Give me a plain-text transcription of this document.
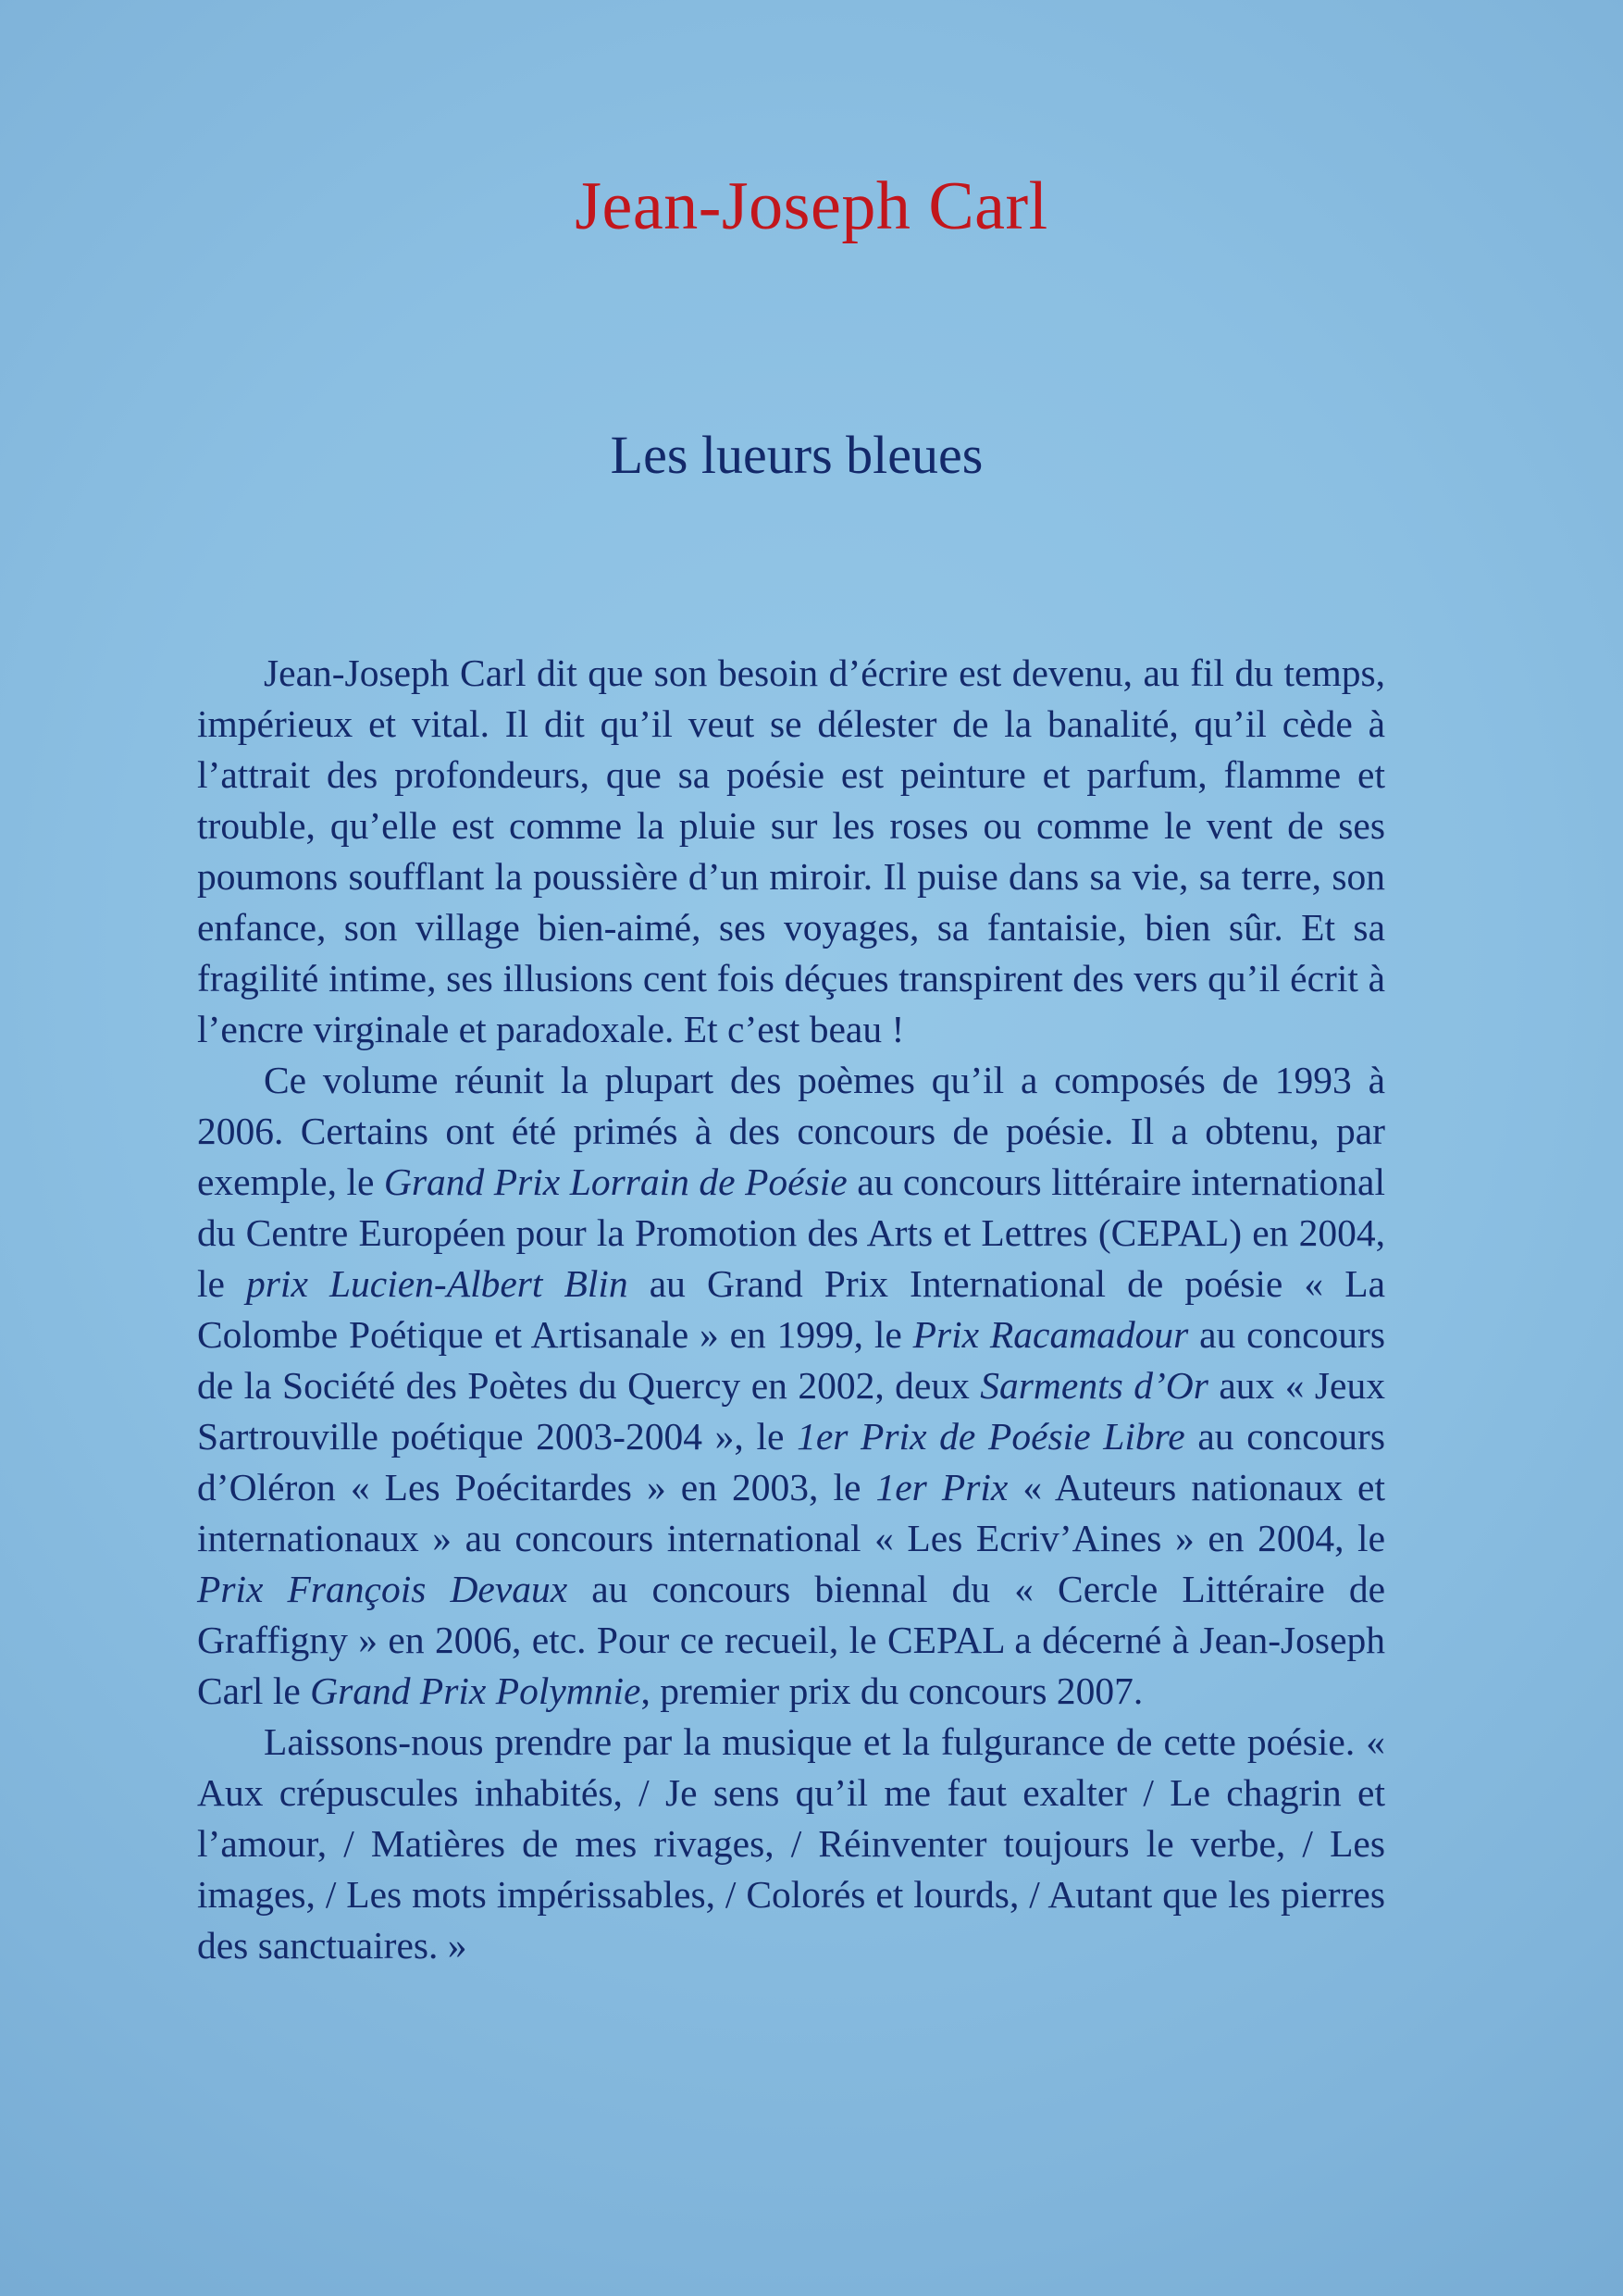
Jean-Joseph Carl
Les lueurs bleues

Jean-Joseph Carl dit que son besoin d’écrire est devenu, au fil du temps, impérieux et vital. Il dit qu’il veut se délester de la banalité, qu’il cède à l’attrait des profondeurs, que sa poésie est peinture et parfum, flamme et trouble, qu’elle est comme la pluie sur les roses ou comme le vent de ses poumons soufflant la poussière d’un miroir. Il puise dans sa vie, sa terre, son enfance, son village bien-aimé, ses voyages, sa fantaisie, bien sûr. Et sa fragilité intime, ses illusions cent fois déçues transpirent des vers qu’il écrit à l’encre virginale et paradoxale. Et c’est beau !

Ce volume réunit la plupart des poèmes qu’il a composés de 1993 à 2006. Certains ont été primés à des concours de poésie. Il a obtenu, par exemple, le Grand Prix Lorrain de Poésie au concours littéraire international du Centre Européen pour la Promotion des Arts et Lettres (CEPAL) en 2004, le prix Lucien-Albert Blin au Grand Prix International de poésie « La Colombe Poétique et Artisanale » en 1999, le Prix Racamadour au concours de la Société des Poètes du Quercy en 2002, deux Sarments d’Or aux « Jeux Sartrouville poétique 2003-2004 », le 1er Prix de Poésie Libre au concours d’Oléron « Les Poécitardes » en 2003, le 1er Prix « Auteurs nationaux et internationaux » au concours international « Les Ecriv’Aines » en 2004, le Prix François Devaux au concours biennal du « Cercle Littéraire de Graffigny » en 2006, etc. Pour ce recueil, le CEPAL a décerné à Jean-Joseph Carl le Grand Prix Polymnie, premier prix du concours 2007.

Laissons-nous prendre par la musique et la fulgurance de cette poésie. « Aux crépuscules inhabités, / Je sens qu’il me faut exalter / Le chagrin et l’amour, / Matières de mes rivages, / Réinventer toujours le verbe, / Les images, / Les mots impérissables, / Colorés et lourds, / Autant que les pierres des sanctuaires. »
